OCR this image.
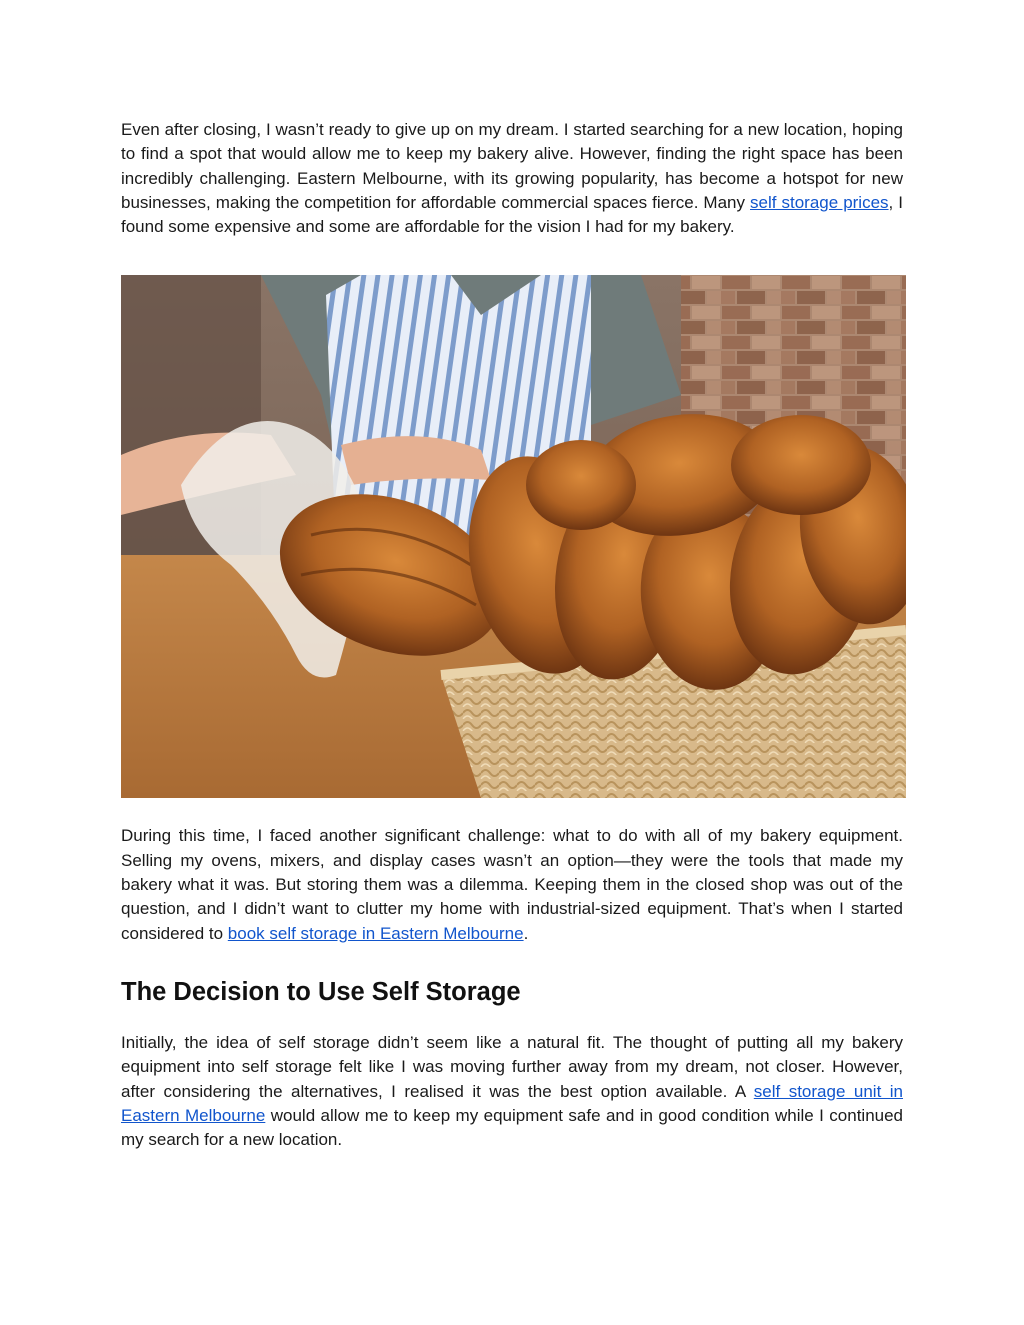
Even after closing, I wasn’t ready to give up on my dream. I started searching for a new location, hoping to find a spot that would allow me to keep my bakery alive. However, finding the right space has been incredibly challenging. Eastern Melbourne, with its growing popularity, has become a hotspot for new businesses, making the competition for affordable commercial spaces fierce. Many self storage prices, I found some expensive and some are affordable for the vision I had for my bakery.

During this time, I faced another significant challenge: what to do with all of my bakery equipment. Selling my ovens, mixers, and display cases wasn’t an option—they were the tools that made my bakery what it was. But storing them was a dilemma. Keeping them in the closed shop was out of the question, and I didn’t want to clutter my home with industrial-sized equipment. That’s when I started considered to book self storage in Eastern Melbourne.

The Decision to Use Self Storage

Initially, the idea of self storage didn’t seem like a natural fit. The thought of putting all my bakery equipment into self storage felt like I was moving further away from my dream, not closer. However, after considering the alternatives, I realised it was the best option available. A self storage unit in Eastern Melbourne would allow me to keep my equipment safe and in good condition while I continued my search for a new location.
